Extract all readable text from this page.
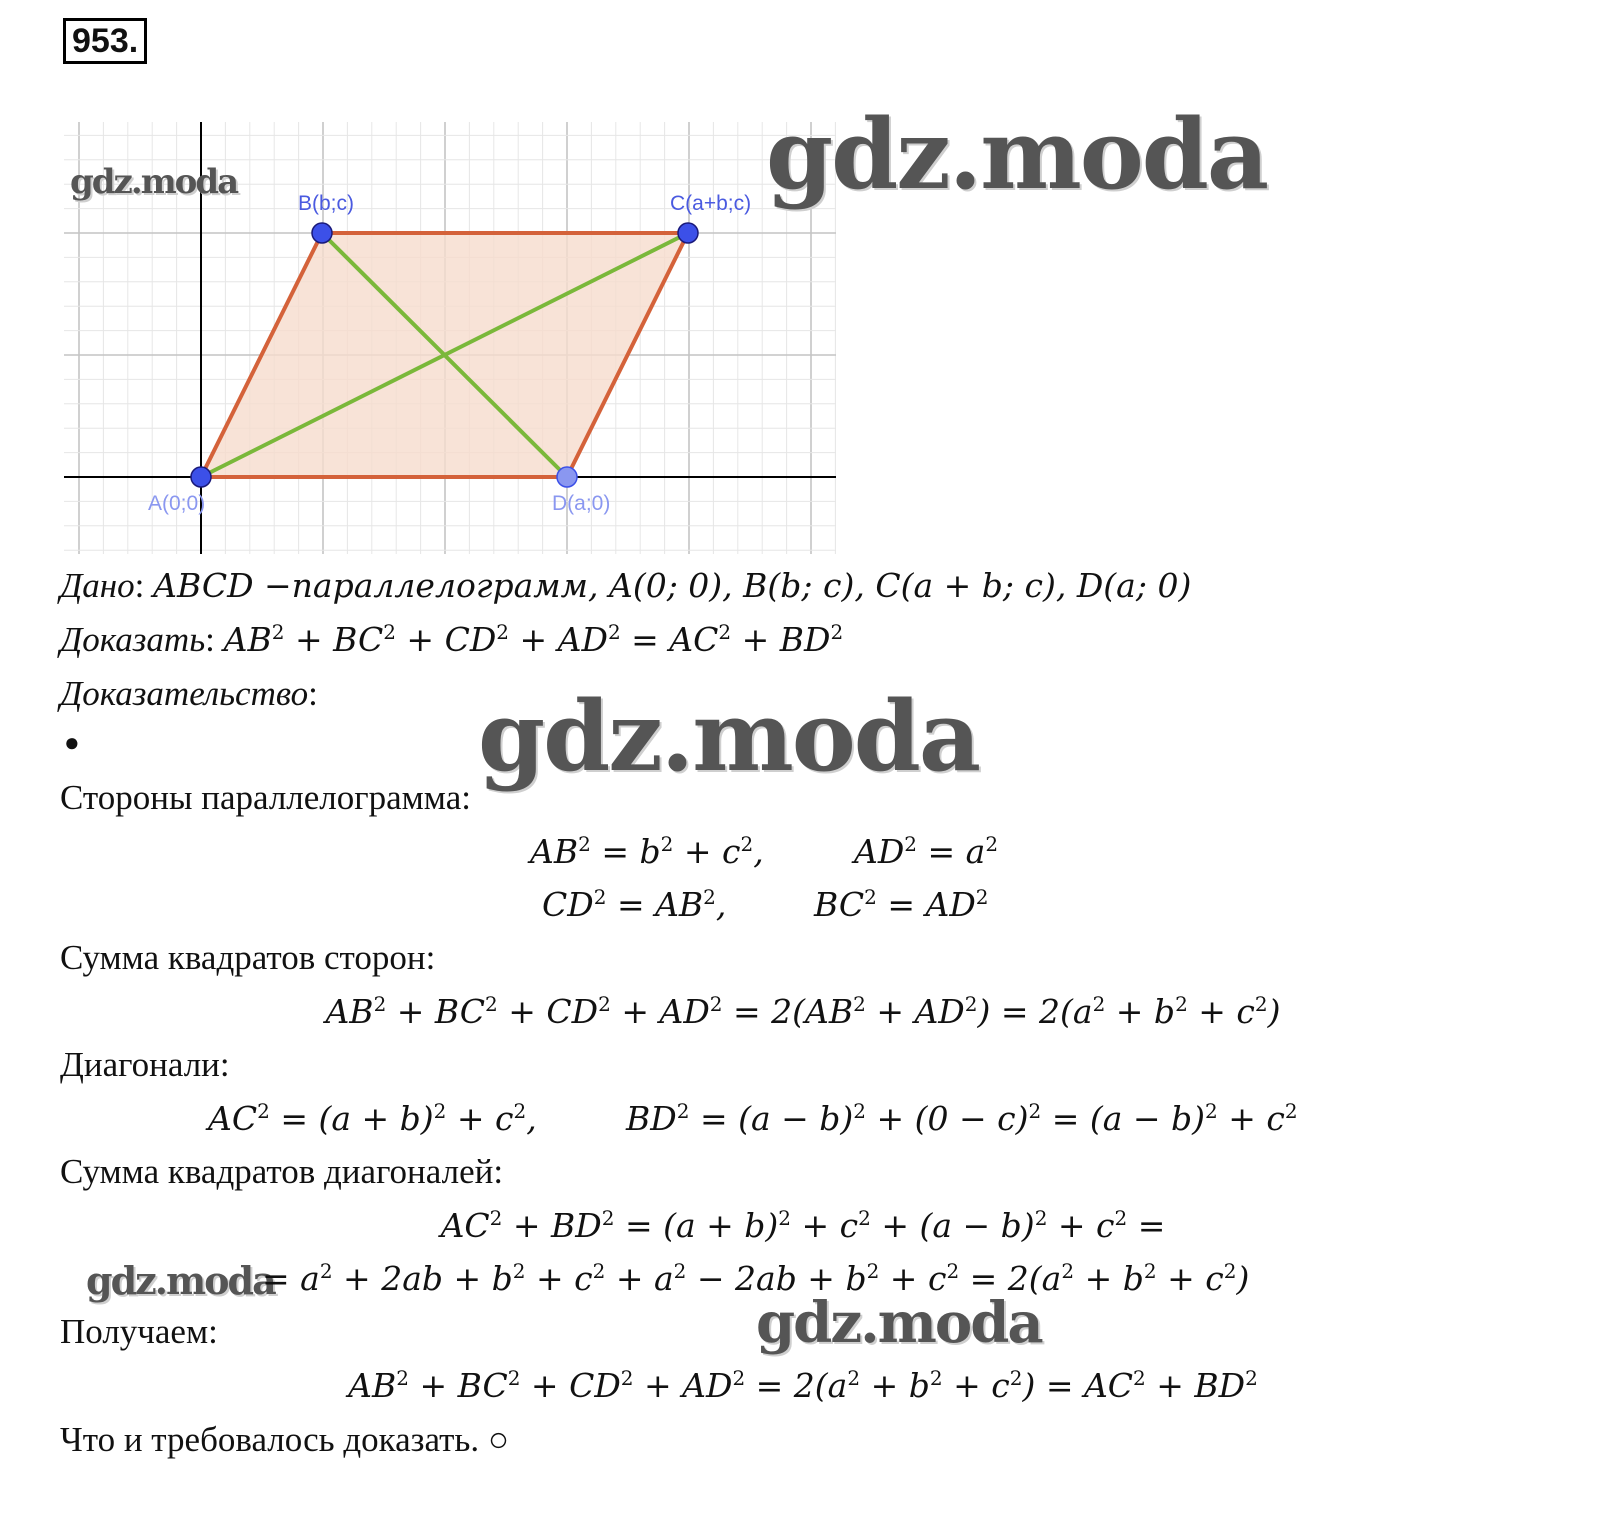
953.
B(b;c)	C(a+b;c)
A(0;0)	D(a;0)
gdz.moda	gdz.moda
gdz.moda
gdz.moda
gdz.moda
Дано: ABCD −параллелограмм, A(0; 0), B(b; c), C(a + b; c), D(a; 0)
Доказать: $AB^2 + BC^2 + CD^2 + AD^2 = AC^2 + BD^2$
Доказательство:
●
Стороны параллелограмма:
$AB^2 = b^2 + c^2$,	$AD^2 = a^2$
$CD^2 = AB^2$,	$BC^2 = AD^2$
Сумма квадратов сторон:
$AB^2 + BC^2 + CD^2 + AD^2 = 2(AB^2 + AD^2) = 2(a^2 + b^2 + c^2)$
Диагонали:
$AC^2 = (a + b)^2 + c^2$,	$BD^2 = (a - b)^2 + (0 - c)^2 = (a - b)^2 + c^2$
Сумма квадратов диагоналей:
$AC^2 + BD^2 = (a + b)^2 + c^2 + (a - b)^2 + c^2$ =
= $a^2 + 2ab + b^2 + c^2 + a^2 - 2ab + b^2 + c^2 = 2(a^2 + b^2 + c^2)$
Получаем:
$AB^2 + BC^2 + CD^2 + AD^2 = 2(a^2 + b^2 + c^2) = AC^2 + BD^2$
Что и требовалось доказать. ○
